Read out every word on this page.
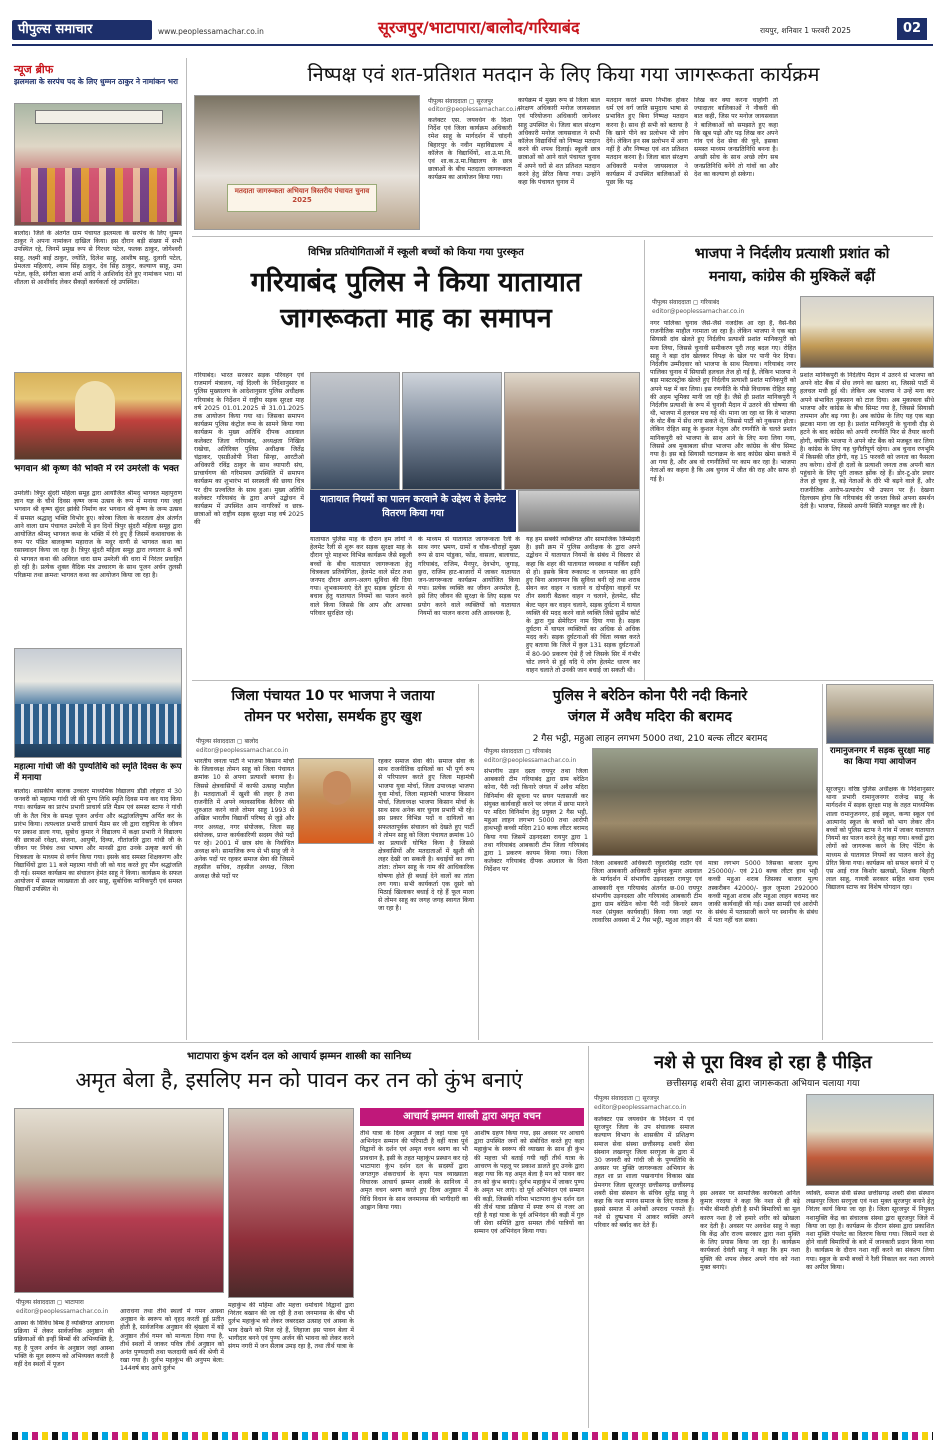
पीपुल्स समाचार	www.peoplessamachar.co.in	सूरजपुर/भाटापारा/बालोद/गरियाबंद	रायपुर, शनिवार 1 फरवरी 2025	02
न्यूज ब्रीफ
झलमला के सरपंच पद के लिए धुम्मन ठाकुर ने नामांकन भरा
बालोद। जिले के अंतर्गत ग्राम पंचायत झलमला के सरपंच के लिए धुम्मन ठाकुर ने अपना नामांकन दाखिल किया। इस दौरान बड़ी संख्या में सभी उपस्थित रहे, जिनमें प्रमुख रूप से गिरधर पटेल, फलक ठाकुर, जोगेश्वरी साहू, लक्ष्मी बाई ठाकुर, ज्योति, दिलेश साहू, आशीष साहू, दुलारी पटेल, प्रेमलता महिलाएं, श्याम सिंह ठाकुर, देव सिंह ठाकुर, कल्याण साहू, उमा पटेल, कृति, संगीता बाला शर्मा आदि ने आशिर्वाद देते हुए नामांकन भरा। मां शीतला से आशीर्वाद लेकर सैकड़ों कार्यकर्ता रहे उपस्थित।
भगवान श्री कृष्ण की भक्ति में रमे उमरेली के भक्त
उमरेली। त्रिपुर सुंदरी महिला समूह द्वारा आयोजित श्रीमद् भागवत महापुराण ज्ञान यज्ञ के चौथे दिवस कृष्ण जन्म उत्सव के रूप में मनाया गया जहां भगवान श्री कृष्ण सुंदर झांकी निर्माण कर भगवान श्री कृष्ण के जन्म उत्सव में समस्त श्रद्धालु भक्ति विभोर हुए। कोरबा जिला के करतला क्षेत्र अंतर्गत आने वाला ग्राम पंचायत उमरेली में इन दिनों त्रिपुर सुंदरी महिला समूह द्वारा आयोजित श्रीमद् भागवत कथा के भक्ति में रंगे हुए हैं जिसमें कथावाचक के रूप पर पंडित बालकृष्ण महाराज के मधुर वाणी से भागवत कथा का रसास्वादन किया जा रहा है। त्रिपुर सुंदरी महिला समूह द्वारा लगातार 8 वर्षों से भागवत कथा की अविरल धारा ग्राम उमरेली की धारा में निरंतर प्रवाहित हो रही है। प्रत्येक शुक्ल वैदिक मंत्र उच्चारण के साथ पूजन अर्चन तुलसी परिक्रमा तथा क्रमशः भागवत कथा का आयोजन किया जा रहा है।
महात्मा गांधी जी की पुण्यतिथि को स्मृति दिवस के रूप में मनाया
बालोद। शासकीय बालक उच्चतर माध्यमिक विद्यालय डौंडी लोहारा में 30 जनवरी को महात्मा गांधी जी की पुण्य तिथि स्मृति दिवस मना कर याद किया गया। कार्यक्रम का प्रारंभ प्रभारी प्राचार्य प्रति मैडम एवं समस्त स्टाफ ने गांधी जी के तैल चित्र के समक्ष पूजन अर्चना और श्रद्धांजलिपुष्प अर्पित कर के प्रारंभ किया। तत्पश्चात प्रभारी प्राचार्य मैडम सर जी द्वारा राष्ट्रपिता के जीवन पर प्रकाश डाला गया, सुबोध कुमार ने विद्यालय में कक्षा प्रभारी ने विद्यालय की छात्राओं रवेक्षा, संजना, आयुषी, दिव्या, गीतांजलि द्वारा गांधी जी के जीवन पर निबंध तथा भाषण और मानसी द्वारा उनके उत्कृष्ट कार्य की चित्रकला के माध्यम से वर्णन किया गया। इसके बाद समस्त शिक्षकगण और विद्यार्थियों द्वारा 11 बजे महात्मा गांधी जी को याद करते हुए मौन श्रद्धांजलि दी गई। समस्त कार्यक्रम का संचालन हेमंत साहू ने किया। कार्यक्रम के सफल आयोजन में समस्त व्याख्याता डी आर साहू, सुबोधिक मानिकपुरी एवं समस्त विद्यार्थी उपस्थित थे।
निष्पक्ष एवं शत-प्रतिशत मतदान के लिए किया गया जागरूकता कार्यक्रम
मतदाता जागरूकता अभियान त्रिस्तरीय पंचायत चुनाव 2025
पीपुल्स संवाददाता ▢ सूरजपुर
editor@peoplessamachar.co.in
कलेक्टर एस. जयवर्धन के दिशा निर्देश एवं जिला कार्यक्रम अधिकारी रमेश साहू के मार्गदर्शन में चांदनी बिहारपुर के नवीन महाविद्यालय में कॉलेज के विद्यार्थियों, शा.उ.मा.वि. एवं शा.क.उ.मा.विद्यालय के छात्र छात्राओं के बीच मतदाता जागरूकता कार्यक्रम का आयोजन किया गया।
कार्यक्रम में मुख्य रूप से जिला बाल संरक्षण अधिकारी मनोज जायसवाल एवं परियोजना अधिकारी जागेश्वर साहू उपस्थित थे। जिला बाल संरक्षण अधिकारी मनोज जायसवाल ने सभी कॉलेज विद्यार्थियों को निष्पक्ष मतदान करने की शपथ दिलाई। स्कूली छात्र छात्राओं को आने वाले पंचायत चुनाव में अपने घरों से शत प्रतिशत मतदान करने हेतु प्रेरित किया गया। उन्होंने कहा कि पंचायत चुनाव में
मतदान करते समय निर्भीक होकर धर्म एवं वर्ग जाति समुदाय भाषा से प्रभावित हुए बिना निष्पक्ष मतदान करना है। साथ ही सभी को बताया है कि खाने पीने का प्रलोभन भी लोग देंगे। लेकिन इन सब प्रलोभन में आना नहीं है और निष्पक्ष एवं शत प्रतिशत मतदान करना है। जिला बाल संरक्षण अधिकारी मनोज जायसवाल ने कार्यक्रम में उपस्थित बालिकाओं से पूछा कि पढ़
लिख कर क्या करना चाहोगी तो ज्यादातर बालिकाओं ने नौकरी की बात कही, जिस पर मनोज जायसवाल ने बालिकाओं को समझाते हुए कहा कि खूब पढ़ो और पढ़ लिख कर अपने गांव एवं देश सेवा की चुने, इसका समस्त माध्यम जनप्रतिनिधि बनना है। अच्छी सोच के साथ अच्छे लोग सब जनप्रतिनिधि बनेंगे तो गांवों का और देश का कल्याण हो सकेगा।
विभिन्न प्रतियोगिताओं में स्कूली बच्चों को किया गया पुरस्कृत
गरियाबंद पुलिस ने किया यातायात
जागरूकता माह का समापन
गरियाबंद। भारत सरकार सड़क परिवहन एवं राजमार्ग मंत्रालय, नई दिल्ली के निर्देशानुसार व पुलिस मुख्यालय के आदेशानुसार पुलिस अधीक्षक गरियाबंद के निर्देशन में राष्ट्रीय सड़क सुरक्षा माह वर्ष 2025 01.01.2025 से 31.01.2025 तक आयोजन किया गया था। जिसका समापन कार्यक्रम पुलिस कंट्रोल रूम के सामने किया गया कार्यक्रम के मुख्य अतिथि दीपक आडवाल कलेक्टर जिला गरियाबंद, अध्यक्षता निखिल राखेचा, अतिरिक्त पुलिस अधीक्षक जितेंद्र चंद्राकर, एसडीओपी निशा सिन्हा, आरटीओ अधिकारी रविंद्र ठाकुर के साथ व्यापारी संघ, प्राचार्यगण की गरिमामय उपस्थिति में समापन कार्यक्रम का शुभारंभ मां सरस्वती की छाया चित्र पर दीप प्रज्वलित के साथ हुआ। मुख्य अतिथि कलेक्टर गरियाबंद के द्वारा अपने उद्बोधन में कार्यक्रम में उपस्थित आम नागरिकों व छात्र-छात्राओं को राष्ट्रीय सड़क सुरक्षा माह वर्ष 2025 की
यातायात नियमों का पालन करवाने के उद्देश्य से हेलमेट वितरण किया गया
यातायात पुलिस माह के दौरान हम लोगों ने हेलमेट रैली से शुरू कर सड़क सुरक्षा माह के दौरान पूरे माहभर विभिन्न कार्यक्रम जैसे स्कूली बच्चों के बीच यातायात जागरूकता हेतु चित्रकला प्रतियोगिता, हेलमेट वाले सेंटर तथा जनपद दौरान अलग-अलग सुविधा की दिया गया। शुभकामनाएं देते हुए सड़क दुर्घटना से बचाव हेतु यातायात नियमों का पालन करने वाले किया जिससे कि आप और आपका परिवार सुरक्षित रहे।
के माध्यम से यातायात जागरूकता रैली के साथ नगर भ्रमण, ग्रामों व चौक-चौराहों मुख्य रूप से ग्राम पांडुका, फोंड, वासला, बालाघाट, गरियाबंद, राजिम, मैनपुर, देवभोग, जुगाड़, छुरा, राजिम हाट-बाजारों में जाकर यातायात जन-जागरूकता कार्यक्रम आयोजित किया गया। प्रत्येक व्यक्ति का जीवन अनमोल है, इसे लिए जीवन की सुरक्षा के लिए सड़क पर प्रयोग करने वाले व्यक्तियों को यातायात नियमों का पालन करना अति आवश्यक है,
यह हम सबकी व्यक्तिगत और सामाजिक जिम्मेदारी है। इसी क्रम में पुलिस अधीक्षक के द्वारा अपने उद्बोधन में यातायात नियमों के संबंध में विस्तार से कहा कि शहर की यातायात व्यवस्था व पार्किंग सही से हो। इसके बिना रूकावट व जानमाल का हानि हुए बिना आवागमन कि सुविधा बनी रहे तथा शराब सेवन कर वाहन न चलाने व दोपहिया वाहनों पर तीन सवारी बैठकर वाहन न चलाने, हेलमेट, सीट बेल्ट पहन कर वाहन चलाने, सड़क दुर्घटना में घायल व्यक्ति की मदद करने वाले व्यक्ति जिसे सुप्रीम कोर्ट के द्वारा गुड सेमेरिटन नाम दिया गया है। सड़क दुर्घटना में घायल व्यक्तियों का अधिक से अधिक मदद करें। सड़क दुर्घटनाओं की चिंता व्यक्त करते हुए बताया कि जिले में कुल 131 सड़क दुर्घटनाओं में 80-90 प्रकरण ऐसे हैं जो जिसके सिर में गंभीर चोट लगने से हुई यदि ये लोग हेलमेट धारण कर वाहन चलाते तो उनकी जान बचाई जा सकती थी।
भाजपा ने निर्दलीय प्रत्याशी प्रशांत को
मनाया, कांग्रेस की मुश्किलें बढ़ीं
पीपुल्स संवाददाता ▢ गरियाबंद
editor@peoplessamachar.co.in
नगर पालिका चुनाव जैसे-जैसे नजदीक आ रहा है, वैसे-वैसे राजनीतिक माहौल गरमाता जा रहा है। लेकिन भाजपा ने एक बड़ा सियासी दांव खेलते हुए निर्दलीय प्रत्याशी प्रशांत मानिकपुरी को मना लिया, जिससे चुनावी समीकरण पूरी तरह बदल गए। रोहित साहू ने बड़ा दांव खेलकर विपक्ष के खेल पर पानी फेर दिया। निर्दलीय उम्मीदवार को भाजपा के साथ मिलाया। गरियाबंद नगर पालिका चुनाव में सियासी हलचल तेज हो गई है, लेकिन भाजपा ने बड़ा मास्टरस्ट्रोक खेलते हुए निर्दलीय प्रत्याशी प्रशांत मानिकपुरी को अपने पक्ष में कर लिया। इस रणनीति के पीछे विधायक रोहित साहू की अहम भूमिका मानी जा रही है। जैसे ही प्रशांत मानिकपुरी ने निर्दलीय प्रत्याशी के रूप में चुनावी मैदान में उतरने की घोषणा की थी, भाजपा में हलचल मच गई थी। माना जा रहा था कि वे भाजपा के वोट बैंक में सेंध लगा सकते थे, जिससे पार्टी को नुकसान होता। लेकिन रोहित साहू के कुशल नेतृत्व और रणनीति के चलते प्रशांत मानिकपुरी को भाजपा के साथ आने के लिए मना लिया गया, जिससे अब मुकाबला सीधा भाजपा और कांग्रेस के बीच सिमट गया है। इस बड़े सियासी घटनाक्रम के बाद कांग्रेस खेमा सकते में आ गया है, और अब वो रणनीतियों पर काम कर रहा है। भाजपा नेताओं का कहना है कि अब चुनाव में जीत की राह और साफ हो गई है।
प्रशांत मानिकपुरी के निर्दलीय मैदान में उतरने से भाजपा को अपने वोट बैंक में सेंध लगने का खतरा था, जिससे पार्टी में हलचल मची हुई थी। लेकिन अब भाजपा ने उन्हें मना कर अपने संभावित नुकसान को टाल दिया। अब मुकाबला सीधे भाजपा और कांग्रेस के बीच सिमट गया है, जिससे सियासी तापमान और बढ़ गया है। अब कांग्रेस के लिए यह एक बड़ा झटका माना जा रहा है। प्रशांत मानिकपुरी के चुनावी दौड़ से हटने के बाद कांग्रेस को अपनी रणनीति फिर से तैयार करनी होगी, क्योंकि भाजपा ने अपने वोट बैंक को मजबूत कर लिया है। कांग्रेस के लिए यह चुनौतीपूर्ण रहेगा। अब चुनाव रणभूमि में किसकी जीत होगी, यह 15 फरवरी को जनता का फैसला तय करेगा। दोनों ही दलों के प्रत्याशी जनता तक अपनी बात पहुंचाने के लिए पूरी ताकत झोंक रहे हैं। डोर-टू-डोर प्रचार तेज हो चुका है, बड़े नेताओं के दौरे भी बढ़ने वाले हैं, और राजनीतिक आरोप-प्रत्यारोप भी उफान पर हैं। देखना दिलचस्प होगा कि गरियाबंद की जनता किसे अपना समर्थन देती है। भाजपा, जिससे अपनी स्थिति मजबूत कर ली है।
जिला पंचायत 10 पर भाजपा ने जताया
तोमन पर भरोसा, समर्थक हुए खुश
पीपुल्स संवाददाता ▢ बालोद
editor@peoplessamachar.co.in
भारतीय जनता पार्टी ने भाजपा किसान मोर्चा के जिलाध्यक्ष तोमन साहू को जिला पंचायत क्रमांक 10 से अपना प्रत्याशी बनाया है। जिससे क्षेत्रवासियों में काफी उत्साह माहौल है। मतदाताओं में खुशी की लहर है तथा राजनीति में अपने व्यावसायिक कैरियर की शुरुआत करने वाले तोमन साहू 1993 से अखिल भारतीय विद्यार्थी परिषद से जुड़े और नगर अध्यक्ष, नगर संयोजक, जिला सह संयोजक, प्रान्त कार्यकारिणी सदस्य जैसे पदों पर रहे। 2001 में छात्र संघ के निर्वाचित अध्यक्ष बने। सामाजिक रूप से भी साहू जी ने अनेक पदों पर रहकर समाज सेवा की जिसमें तहसील सचिव, तहसील अध्यक्ष, जिला अध्यक्ष जैसे पदों पर
रहकर समाज सेवा की। समाज सेवा के साथ राजनीतिक दायित्वों का भी पूर्ण रूप से परिपालन करते हुए जिला महामंत्री भाजपा युवा मोर्चा, जिला उपाध्यक्ष भाजपा युवा मोर्चा, जिला महामंत्री भाजपा किसान मोर्चा, जिलाध्यक्ष भाजपा किसान मोर्चा के साथ साथ अनेक बार चुनाव प्रभारी भी रहे। इस प्रकार विभिन्न पदों व दायित्वों का सफलतापूर्वक संचालन को देखते हुए पार्टी ने तोमन साहू को जिला पंचायत क्रमांक 10 का प्रत्याशी घोषित किया है जिससे क्षेत्रवासियों और मतदाताओं में खुशी की लहर देखी जा सकती है। बधाईयों का लगा तांता: तोमन साहू के नाम की आधिकारिक घोषणा होते ही बधाई देने वालों का तांता लग गया। सभी कार्यकर्ता एक दूसरे को मिठाई खिलाकर बधाई दे रहे हैं फूल माला से तोमन साहू का जगह जगह स्वागत किया जा रहा है।
पुलिस ने बरेठिन कोना पैरी नदी किनारे
जंगल में अवैध मदिरा की बरामद
2 गैस भट्ठी, महुआ लाहन लगभग 5000 तथा, 210 बल्क लीटर बरामद
पीपुल्स संवाददाता ▢ गरियाबंद
editor@peoplessamachar.co.in
संभागीय उड़न दस्ता रायपुर तथा जिला आबकारी टीम गरियाबंद द्वारा ग्राम बरेठिन कोना, पैरी नदी किनारे जंगल में अवैध मदिरा विनिर्माण की सूचना पर सघन पतासाजी कर संयुक्त कार्यवाही करने पर जंगल में छापा मारने पर मदिरा विनिर्माण हेतु प्रयुक्त 2 गैस भट्ठी, महुआ लाहन लगभग 5000 तथा आरोपी हाथभट्ठी कच्ची मदिरा 210 बल्क लीटर बरामद किया गया जिसमें उड़नदस्ता रायपुर द्वारा 1 तथा गरियाबंद आबकारी टीम जिला गरियाबंद द्वारा 1 प्रकरण कायम किया गया। जिला कलेक्टर गरियाबंद दीपक अग्रवाल के दिशा निर्देशन पर
जिला आबकारी अधिकारी रघुवरसिंह राठौर एवं जिला आबकारी अधिकारी मुकेश कुमार अग्रवाल के मार्गदर्शन में संभागीय उड़नदस्ता रायपुर एवं आबकारी वृत्त गरियाबंद अंतर्गत छ-00 रायपुर संभागीय उड़नदस्ता और गरियाबंद आबकारी टीम द्वारा ग्राम बरेठिन कोना पैरी नदी किनारे सघन गश्त (संयुक्त कार्यवाही) किया गया जहां पर लावारिस अवस्था में 2 गैस भट्ठी, महुआ लाहन की
मात्रा लगभग 5000 जिसका बाजार मूल्य 250000/- एवं 210 बल्क लीटर हाथ भट्ठी कच्ची महुआ शराब जिसका बाजार मूल्य तस्करीबन 42000/- कुल जुमला 292000 कच्ची महुआ शराब और महुआ लाहन बरामद कर जाकी कार्यवाही की गई। उक्त सामग्री एवं आरोपी के संबंध में पतासाजी करने पर स्थानीय के संबंध में पता नहीं चल सका।
रामानुजनगर में सड़क सुरक्षा माह का किया गया आयोजन
सूरजपुर। वरिष्ठ पुलिस अधीक्षक के निर्देशानुसार थाना प्रभारी रामानुजनगर राजेन्द्र साहू के मार्गदर्शन में सड़क सुरक्षा माह के तहत माध्यमिक शाला रामानुजनगर, हाई स्कूल, कन्या स्कूल एवं आत्मानंद स्कूल के बच्चों को भाग लेकर तीन बच्चों को पुलिस स्टाफ ने गांव में जाकर यातायात नियमों का पालन करने हेतु कहा गया। बच्चों द्वारा लोगों को जागरूक करने के लिए पेंटिंग के माध्यम से यातायात नियमों का पालन करने हेतु प्रेरित किया गया। कार्यक्रम को सफल बनाने में ए एस आई राज किशोर खलखो, शिक्षक बिहारी लाल साहू, गायत्री सरकार सहित थाना एवम विद्यालय स्टाफ का विशेष योगदान रहा।
भाटापारा कुंभ दर्शन दल को आचार्य झम्मन शास्त्री का सानिध्य
अमृत बेला है, इसलिए मन को पावन कर तन को कुंभ बनाएं
पीपुल्स संवाददाता ▢ भाटापारा
editor@peoplessamachar.co.in
आस्था के विविध बिम्ब है व्यक्तिगत आराधना प्रक्रिया में लेकर सार्वजनिक अनुष्ठान की प्रक्रियाओं की इन्हीं बिम्बों की अभिव्यक्ति है, यह है पूजन अर्चन के अनुष्ठान जहां आस्था भक्ति के मूल स्वरूप को अभिव्यक्त करती है वहीं देव स्थलों में पूजन
आराधना तथा तीर्थ स्थलों में गमन आस्था अनुष्ठान के स्वरूप को वृहद करती हुई प्रतीत होती है, सार्वजनिक अनुष्ठान की श्रृंखला में बड़े अनुष्ठान तीर्थ गमन को मान्यता दिया गया है, तीर्थ स्थलों में जाकर पवित्र तीर्थ अनुष्ठान को अनंत पुण्यदायी तथा फलदायी कर्म की श्रेणी में रखा गया है। दुर्लभ महाकुंभ की अनुपम बेला: 144वर्ष बाद आये दुर्लभ
महाकुंभ की महिमा और महत्ता धर्माचार्य विद्वानों द्वारा निरंतर बखान की जा रही है तथा जनमानस के बीच भी दुर्लभ महाकुंभ को लेकर जबरदस्त उत्साह एवं आस्था के भाव देखने को मिल रहे हैं, लिहाजा इस पावन बेला में भागीदार बनने एवं पुण्य अर्जन की भावना को लेकर करने संगम नगरी में जन सैलाब उमड़ रहा है, तथा तीर्थ यात्रा के
आचार्य झम्मन शास्त्री द्वारा अमृत वचन
तीर्थ यात्रा के दिव्य अनुष्ठान में जहां यात्रा पूर्व अभिनंदन सम्मान की परिपाटी है वहीं यात्रा पूर्व विद्वानों के दर्शन एवं अमृत वचन श्रवण का भी प्रावधान है, इसी के तहत महाकुंभ प्रस्थान कर रहे भाटापारा कुंभ दर्शन दल के सदस्यों द्वारा जगतगुरु शंकराचार्य के कृपा पात्र व्याख्याता विचारक आचार्य झम्मन शास्त्री के सानिध्य में अमृत वचन श्रवण करते हुए दिव्य अनुष्ठान में विधि विधान के साथ जनमानस की भागीदारी का आह्वान किया गया।
आशीष ग्रहण किया गया, इस अवसर पर आचार्य द्वारा उपस्थित जनों को संबोधित करते हुए कहा महाकुंभ के स्वरूप की व्याख्या के साथ ही कुंभ की महत्ता भी बताई गयी वहीं तीर्थ यात्रा के आचरण के पहलू पर प्रकाश डालते हुए उनके द्वारा कहा गया कि यह अमृत बेला है मन को पावन कर तन को कुंभ बनाएं। दुर्लभ महाकुंभ में जाकर पुण्य के अमृत भर लाएं। दो पूर्व अभिनंदन एवं सम्मान की कड़ी, जिसकी गरिमा भाटापारा कुंभ दर्शन दल की तीर्थ यात्रा प्रक्रिया में स्पष्ट रूप से नजर आ रही है यहां यात्रा के पूर्व अभिनंदन की कड़ी में गुरु जी सेवा समिति द्वारा समस्त तीर्थ यात्रियों का सम्मान एवं अभिनंदन किया गया।
नशे से पूरा विश्व हो रहा है पीड़ित
छत्तीसगढ़ शबरी सेवा द्वारा जागरूकता अभियान चलाया गया
पीपुल्स संवाददाता ▢ सूरजपुर
editor@peoplessamachar.co.in
कलेक्टर एस जयवर्धन के निर्देशन में एवं सूरजपुर जिला के उप संचालक समाज कल्याण विभाग के शासकीय में प्रशिक्षण समाज सेवा संस्था छत्तीसगढ़ शबरी सेवा संस्थान लखनपुर जिला सरगुजा के द्वारा में 30 जनवरी को गांधी जी के पुण्यतिथि के अवसर पर मुक्ति जागरूकता अभियान के तहत शा प्रा शाला पखनागांव विकास खंड प्रेमनगर जिला सूरजपुर छत्तीसगढ़ छत्तीसगढ़ शबरी सेवा संस्थान के संचिव सुरेंद्र साहू ने कहा कि नशा मानव समाज के लिए घातक है इससे समाज में अनेकों अपराध पनपते हैं। नशे से दुष्प्रभाव में आकर व्यक्ति अपने परिवार को बर्बाद कर देते हैं।
इस अवसर पर सामाजिक कार्यकर्ता अनिल कुमार नरदया ने कहा कि नशा से ही बड़े गंभीर बीमारी होती है सभी बिमारियों का मूल कारण नशा है जो हमारे शरीर को खोखला कर देती है। अवसर पर अवधेश साहू ने कहा कि केंद्र और राज्य सरकार द्वारा नशा मुक्ति के लिए प्रयास किया जा रहा है। कार्यक्रम कार्यकर्ता देवंती साहू ने कहा कि हम नशा मुक्ति की शपथ लेकर अपने गांव को नशा मुक्त बनाएं।
व्यक्ति, समाज सेवी संस्था छत्तीसगढ़ शबरी सेवा संस्थान लखनपुर जिला सरगुजा एवं नशा मुक्त सूरजपुर बनाने हेतु निरंतर कार्य किया जा रहा है। जिला सूरजपुर में नियुक्त नशामुक्ति केंद्र का संचालक संस्था द्वारा सूरजपुर जिले में किया जा रहा है। कार्यक्रम के दौरान संस्था द्वारा प्रकाशित नशा मुक्ति पंपलेट का वितरण किया गया। जिसमें नशा से होने वाली बिमारियों के बारे में जानकारी प्रदान किया गया है। कार्यक्रम के दौरान नशा नहीं करने का संकल्प लिया गया। स्कूल के सभी बच्चों ने रैली निकाल कर नशा त्यागने का अपील किया।
